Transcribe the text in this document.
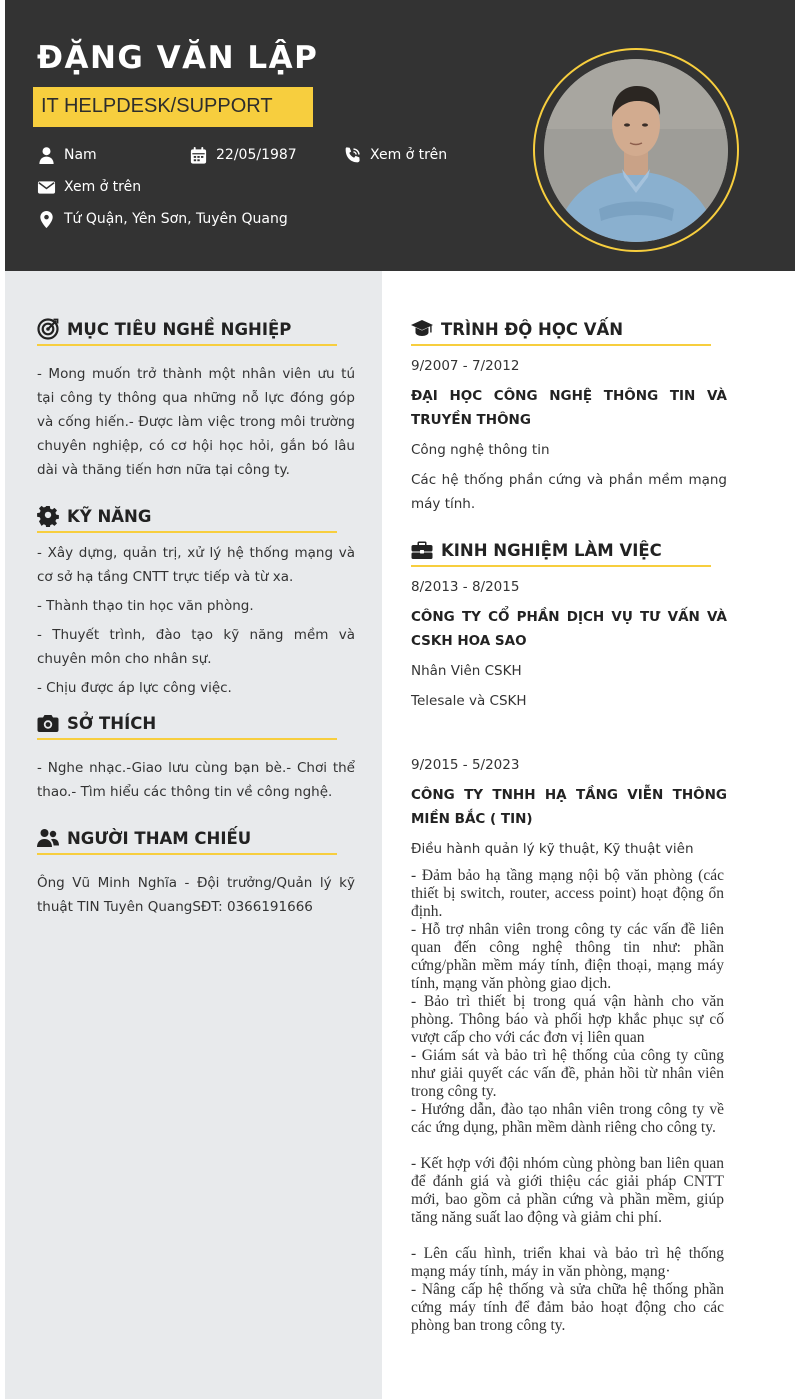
ĐẶNG VĂN LẬP
IT HELPDESK/SUPPORT
Nam	22/05/1987	Xem ở trên
Xem ở trên
Tứ Quận, Yên Sơn, Tuyên Quang
MỤC TIÊU NGHỀ NGHIỆP
- Mong muốn trở thành một nhân viên ưu tú tại công ty thông qua những nỗ lực đóng góp và cống hiến.- Được làm việc trong môi trường chuyên nghiệp, có cơ hội học hỏi, gắn bó lâu dài và thăng tiến hơn nữa tại công ty.
KỸ NĂNG
- Xây dựng, quản trị, xử lý hệ thống mạng và cơ sở hạ tầng CNTT trực tiếp và từ xa.
- Thành thạo tin học văn phòng.
- Thuyết trình, đào tạo kỹ năng mềm và chuyên môn cho nhân sự.
- Chịu được áp lực công việc.
SỞ THÍCH
- Nghe nhạc.-Giao lưu cùng bạn bè.- Chơi thể thao.- Tìm hiểu các thông tin về công nghệ.
NGƯỜI THAM CHIẾU
Ông Vũ Minh Nghĩa - Đội trưởng/Quản lý kỹ thuật TIN Tuyên QuangSĐT: 0366191666
TRÌNH ĐỘ HỌC VẤN
9/2007 - 7/2012
ĐẠI HỌC CÔNG NGHỆ THÔNG TIN VÀ TRUYỀN THÔNG
Công nghệ thông tin
Các hệ thống phần cứng và phần mềm mạng máy tính.
KINH NGHIỆM LÀM VIỆC
8/2013 - 8/2015
CÔNG TY CỔ PHẦN DỊCH VỤ TƯ VẤN VÀ CSKH HOA SAO
Nhân Viên CSKH
Telesale và CSKH
9/2015 - 5/2023
CÔNG TY TNHH HẠ TẦNG VIỄN THÔNG MIỀN BẮC ( TIN)
Điều hành quản lý kỹ thuật, Kỹ thuật viên
- Đảm bảo hạ tầng mạng nội bộ văn phòng (các thiết bị switch, router, access point) hoạt động ổn định.
- Hỗ trợ nhân viên trong công ty các vấn đề liên quan đến công nghệ thông tin như: phần cứng/phần mềm máy tính, điện thoại, mạng máy tính, mạng văn phòng giao dịch.
- Bảo trì thiết bị trong quá vận hành cho văn phòng. Thông báo và phối hợp khắc phục sự cố vượt cấp cho với các đơn vị liên quan
- Giám sát và bảo trì hệ thống của công ty cũng như giải quyết các vấn đề, phản hồi từ nhân viên trong công ty.
- Hướng dẫn, đào tạo nhân viên trong công ty về các ứng dụng, phần mềm dành riêng cho công ty.
- Kết hợp với đội nhóm cùng phòng ban liên quan để đánh giá và giới thiệu các giải pháp CNTT mới, bao gồm cả phần cứng và phần mềm, giúp tăng năng suất lao động và giảm chi phí.
- Lên cấu hình, triển khai và bảo trì hệ thống mạng máy tính, máy in văn phòng, mạng·
- Nâng cấp hệ thống và sửa chữa hệ thống phần cứng máy tính để đảm bảo hoạt động cho các phòng ban trong công ty.
